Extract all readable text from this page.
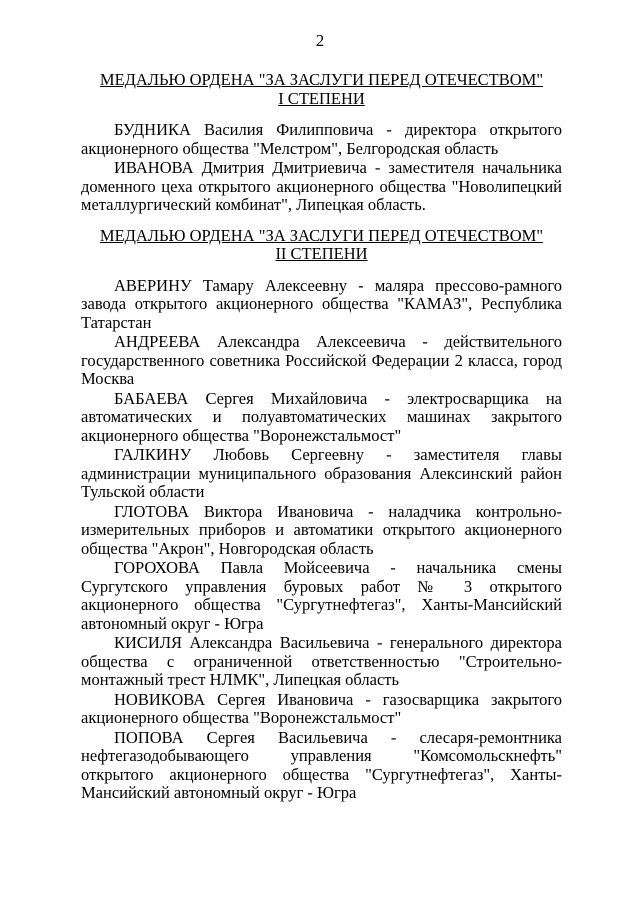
2
МЕДАЛЬЮ ОРДЕНА "ЗА ЗАСЛУГИ ПЕРЕД ОТЕЧЕСТВОМ"
I СТЕПЕНИ

БУДНИКА Василия Филипповича - директора открытого акционерного общества "Мелстром", Белгородская область

ИВАНОВА Дмитрия Дмитриевича - заместителя начальника доменного цеха открытого акционерного общества "Новолипецкий металлургический комбинат", Липецкая область.

МЕДАЛЬЮ ОРДЕНА "ЗА ЗАСЛУГИ ПЕРЕД ОТЕЧЕСТВОМ"
II СТЕПЕНИ

АВЕРИНУ Тамару Алексеевну - маляра прессово-рамного завода открытого акционерного общества "КАМАЗ", Республика Татарстан

АНДРЕЕВА Александра Алексеевича - действительного государственного советника Российской Федерации 2 класса, город Москва

БАБАЕВА Сергея Михайловича - электросварщика на автоматических и полуавтоматических машинах закрытого акционерного общества "Воронежстальмост"

ГАЛКИНУ Любовь Сергеевну - заместителя главы администрации муниципального образования Алексинский район Тульской области

ГЛОТОВА Виктора Ивановича - наладчика контрольно-измерительных приборов и автоматики открытого акционерного общества "Акрон", Новгородская область

ГОРОХОВА Павла Мойсеевича - начальника смены Сургутского управления буровых работ № 3 открытого акционерного общества "Сургутнефтегаз", Ханты-Мансийский автономный округ - Югра

КИСИЛЯ Александра Васильевича - генерального директора общества с ограниченной ответственностью "Строительно-монтажный трест НЛМК", Липецкая область

НОВИКОВА Сергея Ивановича - газосварщика закрытого акционерного общества "Воронежстальмост"

ПОПОВА Сергея Васильевича - слесаря-ремонтника нефтегазодобывающего управления "Комсомольскнефть" открытого акционерного общества "Сургутнефтегаз", Ханты-Мансийский автономный округ - Югра
